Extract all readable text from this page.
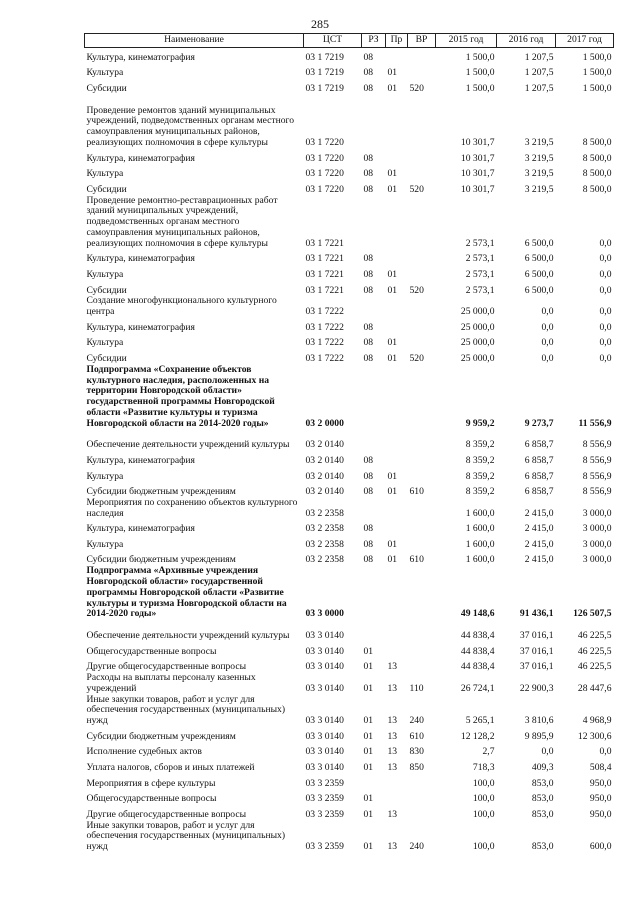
285
Наименование	ЦСТ	РЗ	Пр	ВР	2015 год	2016 год	2017 год
Культура, кинематография	03 1 7219	08			1 500,0	1 207,5	1 500,0
Культура	03 1 7219	08	01		1 500,0	1 207,5	1 500,0
Субсидии	03 1 7219	08	01	520	1 500,0	1 207,5	1 500,0
Проведение ремонтов зданий муниципальных учреждений, подведомственных органам местного самоуправления муниципальных районов, реализующих полномочия в сфере культуры	03 1 7220				10 301,7	3 219,5	8 500,0
Культура, кинематография	03 1 7220	08			10 301,7	3 219,5	8 500,0
Культура	03 1 7220	08	01		10 301,7	3 219,5	8 500,0
Субсидии	03 1 7220	08	01	520	10 301,7	3 219,5	8 500,0
Проведение ремонтно-реставрационных работ зданий муниципальных учреждений, подведомственных органам местного самоуправления муниципальных районов, реализующих полномочия в сфере культуры	03 1 7221				2 573,1	6 500,0	0,0
Культура, кинематография	03 1 7221	08			2 573,1	6 500,0	0,0
Культура	03 1 7221	08	01		2 573,1	6 500,0	0,0
Субсидии	03 1 7221	08	01	520	2 573,1	6 500,0	0,0
Создание многофункционального культурного центра	03 1 7222				25 000,0	0,0	0,0
Культура, кинематография	03 1 7222	08			25 000,0	0,0	0,0
Культура	03 1 7222	08	01		25 000,0	0,0	0,0
Субсидии	03 1 7222	08	01	520	25 000,0	0,0	0,0
Подпрограмма «Сохранение объектов культурного наследия, расположенных на территории Новгородской области» государственной программы Новгородской области «Развитие культуры и туризма Новгородской области на 2014-2020 годы»	03 2 0000				9 959,2	9 273,7	11 556,9
Обеспечение деятельности учреждений культуры	03 2 0140				8 359,2	6 858,7	8 556,9
Культура, кинематография	03 2 0140	08			8 359,2	6 858,7	8 556,9
Культура	03 2 0140	08	01		8 359,2	6 858,7	8 556,9
Субсидии бюджетным учреждениям	03 2 0140	08	01	610	8 359,2	6 858,7	8 556,9
Мероприятия по сохранению объектов культурного наследия	03 2 2358				1 600,0	2 415,0	3 000,0
Культура, кинематография	03 2 2358	08			1 600,0	2 415,0	3 000,0
Культура	03 2 2358	08	01		1 600,0	2 415,0	3 000,0
Субсидии бюджетным учреждениям	03 2 2358	08	01	610	1 600,0	2 415,0	3 000,0
Подпрограмма «Архивные учреждения Новгородской области» государственной программы Новгородской области «Развитие культуры и туризма Новгородской области на 2014-2020 годы»	03 3 0000				49 148,6	91 436,1	126 507,5
Обеспечение деятельности учреждений культуры	03 3 0140				44 838,4	37 016,1	46 225,5
Общегосударственные вопросы	03 3 0140	01			44 838,4	37 016,1	46 225,5
Другие общегосударственные вопросы	03 3 0140	01	13		44 838,4	37 016,1	46 225,5
Расходы на выплаты персоналу казенных учреждений	03 3 0140	01	13	110	26 724,1	22 900,3	28 447,6
Иные закупки товаров, работ и услуг для обеспечения государственных (муниципальных) нужд	03 3 0140	01	13	240	5 265,1	3 810,6	4 968,9
Субсидии бюджетным учреждениям	03 3 0140	01	13	610	12 128,2	9 895,9	12 300,6
Исполнение судебных актов	03 3 0140	01	13	830	2,7	0,0	0,0
Уплата налогов, сборов и иных платежей	03 3 0140	01	13	850	718,3	409,3	508,4
Мероприятия в сфере культуры	03 3 2359				100,0	853,0	950,0
Общегосударственные вопросы	03 3 2359	01			100,0	853,0	950,0
Другие общегосударственные вопросы	03 3 2359	01	13		100,0	853,0	950,0
Иные закупки товаров, работ и услуг для обеспечения государственных (муниципальных) нужд	03 3 2359	01	13	240	100,0	853,0	600,0
